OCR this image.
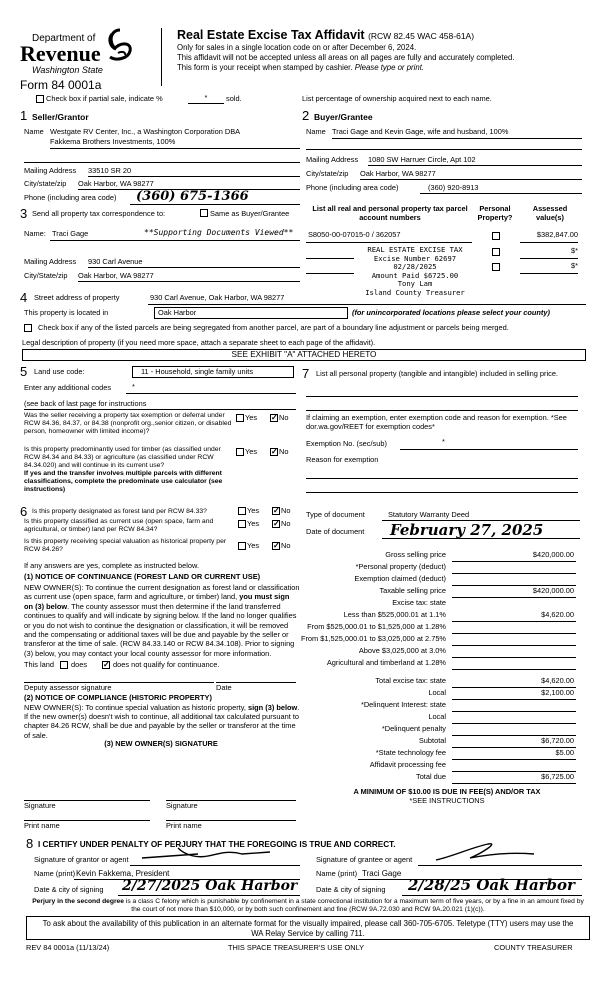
Department of
Revenue
Washington State
Form 84 0001a
Real Estate Excise Tax Affidavit (RCW 82.45 WAC 458-61A)
Only for sales in a single location code on or after December 6, 2024.
This affidavit will not be accepted unless all areas on all pages are fully and accurately completed.
This form is your receipt when stamped by cashier. Please type or print.
Check box if partial sale, indicate %	*	sold.	List percentage of ownership acquired next to each name.
1 Seller/Grantor
Name Westgate RV Center, Inc., a Washington Corporation DBA
Fakkema Brothers Investments, 100%
Mailing Address 33510 SR 20
City/state/zip Oak Harbor, WA 98277
Phone (including area code) (360) 675-1366
2 Buyer/Grantee
Name Traci Gage and Kevin Gage, wife and husband, 100%
Mailing Address 1080 SW Harruer Circle, Apt 102
City/state/zip Oak Harbor, WA 98277
Phone (including area code)	(360) 920-8913
3 Send all property tax correspondence to:	Same as Buyer/Grantee
Name: Traci Gage	**Supporting Documents Viewed**
Mailing Address 930 Carl Avenue
City/State/zip Oak Harbor, WA 98277
List all real and personal property tax parcel account numbers
Personal Property?
Assessed value(s)
S8050-00-07015-0 / 362057	$382,847.00
$*
$*
REAL ESTATE EXCISE TAX
Excise Number 62697
02/28/2025
Amount Paid $6725.00
Tony Lam
Island County Treasurer
4 Street address of property	930 Carl Avenue, Oak Harbor, WA 98277
This property is located in	Oak Harbor	(for unincorporated locations please select your county)
Check box if any of the listed parcels are being segregated from another parcel, are part of a boundary line adjustment or parcels being merged.
Legal description of property (if you need more space, attach a separate sheet to each page of the affidavit).
SEE EXHIBIT "A" ATTACHED HERETO
5 Land use code:	11 - Household, single family units
Enter any additional codes	*
(see back of last page for instructions
Was the seller receiving a property tax exemption or deferral under RCW 84.36, 84.37, or 84.38 (nonprofit org.,senior citizen, or disabled person, homeowner with limited income)?
Yes ✓ No
Is this property predominantly used for timber (as classified under RCW 84.34 and 84.33) or agriculture (as classified under RCW 84.34.020) and will continue in its current use?
If yes and the transfer involves multiple parcels with different classifications, complete the predominate use calculator (see instructions)
Yes ✓ No
7 List all personal property (tangible and intangible) included in selling price.
If claiming an exemption, enter exemption code and reason for exemption. *See dor.wa.gov/REET for exemption codes*
Exemption No. (sec/sub)	*
Reason for exemption
6 Is this property designated as forest land per RCW 84.33?	Yes ✓ No
Is this property classified as current use (open space, farm and agricultural, or timber) land per RCW 84.34?
Yes ✓ No
Is this property receiving special valuation as historical property per RCW 84.26?	Yes ✓ No
If any answers are yes, complete as instructed below.
(1) NOTICE OF CONTINUANCE (FOREST LAND OR CURRENT USE)
NEW OWNER(S): To continue the current designation as forest land or classification as current use (open space, farm and agriculture, or timber) land, you must sign on (3) below. The county assessor must then determine if the land transferred continues to qualify and will indicate by signing below. If the land no longer qualifies or you do not wish to continue the designation or classification, it will be removed and the compensating or additional taxes will be due and payable by the seller or transferor at the time of sale. (RCW 84.33.140 or RCW 84.34.108). Prior to signing (3) below, you may contact your local county assessor for more information.
This land does ✓ does not qualify for continuance.
Deputy assessor signature	Date
(2) NOTICE OF COMPLIANCE (HISTORIC PROPERTY)
NEW OWNER(S): To continue special valuation as historic property, sign (3) below. If the new owner(s) doesn't wish to continue, all additional tax calculated pursuant to chapter 84.26 RCW, shall be due and payable by the seller or transferor at the time of sale.
(3) NEW OWNER(S) SIGNATURE
Signature	Signature
Print name	Print name
Type of document	Statutory Warranty Deed
Date of document February 27, 2025
Gross selling price	$420,000.00
*Personal property (deduct)
Exemption claimed (deduct)
Taxable selling price	$420,000.00
Excise tax: state
Less than $525,000.01 at 1.1%	$4,620.00
From $525,000.01 to $1,525,000 at 1.28%
From $1,525,000.01 to $3,025,000 at 2.75%
Above $3,025,000 at 3.0%
Agricultural and timberland at 1.28%
Total excise tax: state	$4,620.00
Local	$2,100.00
*Delinquent Interest: state
Local
*Delinquent penalty
Subtotal	$6,720.00
*State technology fee	$5.00
Affidavit processing fee
Total due	$6,725.00
A MINIMUM OF $10.00 IS DUE IN FEE(S) AND/OR TAX
*SEE INSTRUCTIONS
8 I CERTIFY UNDER PENALTY OF PERJURY THAT THE FOREGOING IS TRUE AND CORRECT.
Signature of grantor or agent	Signature of grantee or agent
Name (print) Kevin Fakkema, President	Name (print) Traci Gage
Date & city of signing 2/27/2025 Oak Harbor	Date & city of signing 2/28/25 Oak Harbor
Perjury in the second degree is a class C felony which is punishable by confinement in a state correctional institution for a maximum term of five years, or by a fine in an amount fixed by the court of not more than $10,000, or by both such confinement and fine (RCW 9A.72.030 and RCW 9A.20.021 (1)(c)).
To ask about the availability of this publication in an alternate format for the visually impaired, please call 360-705-6705. Teletype (TTY) users may use the WA Relay Service by calling 711.
REV 84 0001a (11/13/24)	THIS SPACE TREASURER'S USE ONLY	COUNTY TREASURER
